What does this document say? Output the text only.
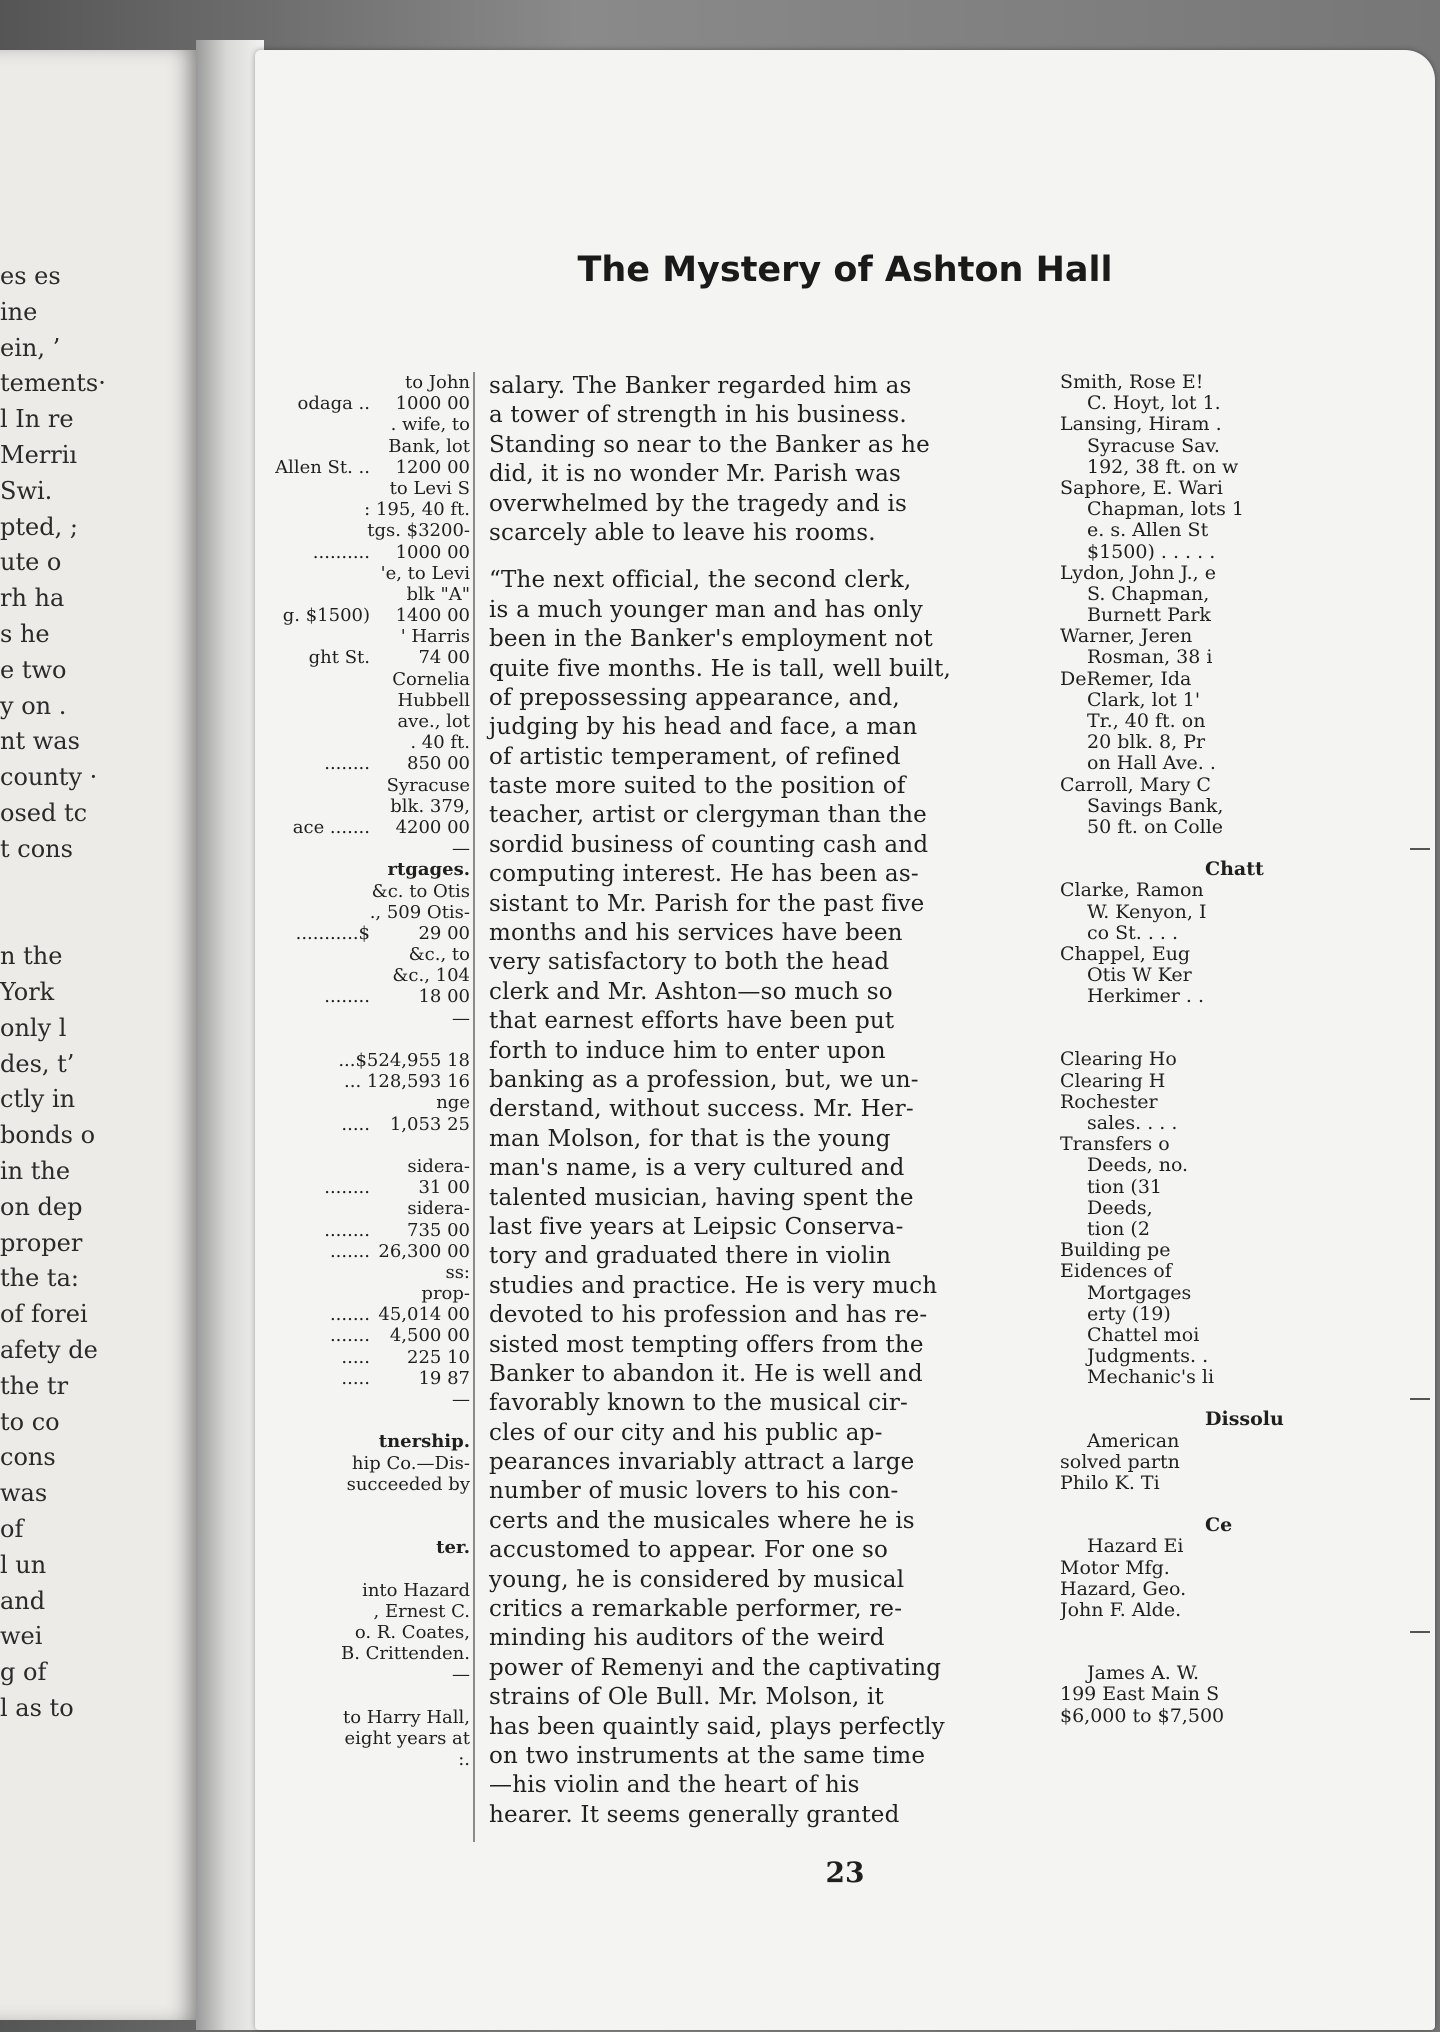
es es
ine
ein, ’
tements·
l In re
Merriı
Swi.
pted, ;
ute o
rh ha
s he
e two
y on .
nt was
county ·
osed tc
t cons
n the
York
only l
des, t’
ctly in
bonds o
in the
on dep
proper
the ta:
of forei
afety de
the tr
to co
cons
was
of
l un
and
wei
g of
l as to
The Mystery of Ashton Hall
to John
odaga .. 1000 00
. wife, to
Bank, lot
Allen St. .. 1200 00
to Levi S
: 195, 40 ft.
tgs. $3200-
.......... 1000 00
'e, to Levi
blk "A"
g. $1500) 1400 00
' Harris
ght St.	74 00
Cornelia
Hubbell
ave., lot
. 40 ft.
........ 850 00
Syracuse
blk. 379,
ace ....... 4200 00
—
rtgages.
&c. to Otis
., 509 Otis-
...........$	29 00
&c., to
&c., 104
........	18 00
—
...$524,955 18
... 128,593 16
nge
..... 1,053 25
sidera-
........	31 00
sidera-
........ 735 00
....... 26,300 00
ss:
prop-
....... 45,014 00
....... 4,500 00
..... 225 10
.....	19 87
—
tnership.
hip Co.—Dis-
succeeded by
ter.
into Hazard
, Ernest C.
o. R. Coates,
B. Crittenden.
—
to Harry Hall,
eight years at
:.
salary. The Banker regarded him as
a tower of strength in his business.
Standing so near to the Banker as he
did, it is no wonder Mr. Parish was
overwhelmed by the tragedy and is
scarcely able to leave his rooms.
“The next official, the second clerk,
is a much younger man and has only
been in the Banker's employment not
quite five months. He is tall, well built,
of prepossessing appearance, and,
judging by his head and face, a man
of artistic temperament, of refined
taste more suited to the position of
teacher, artist or clergyman than the
sordid business of counting cash and
computing interest. He has been as-
sistant to Mr. Parish for the past five
months and his services have been
very satisfactory to both the head
clerk and Mr. Ashton—so much so
that earnest efforts have been put
forth to induce him to enter upon
banking as a profession, but, we un-
derstand, without success. Mr. Her-
man Molson, for that is the young
man's name, is a very cultured and
talented musician, having spent the
last five years at Leipsic Conserva-
tory and graduated there in violin
studies and practice. He is very much
devoted to his profession and has re-
sisted most tempting offers from the
Banker to abandon it. He is well and
favorably known to the musical cir-
cles of our city and his public ap-
pearances invariably attract a large
number of music lovers to his con-
certs and the musicales where he is
accustomed to appear. For one so
young, he is considered by musical
critics a remarkable performer, re-
minding his auditors of the weird
power of Remenyi and the captivating
strains of Ole Bull. Mr. Molson, it
has been quaintly said, plays perfectly
on two instruments at the same time
—his violin and the heart of his
hearer. It seems generally granted
Smith, Rose E!
C. Hoyt, lot 1.
Lansing, Hiram .
Syracuse Sav.
192, 38 ft. on w
Saphore, E. Wari
Chapman, lots 1
e. s. Allen St
$1500) . . . . .
Lydon, John J., e
S. Chapman,
Burnett Park
Warner, Jeren
Rosman, 38 i
DeRemer, Ida
Clark, lot 1'
Tr., 40 ft. on
20 blk. 8, Pr
on Hall Ave. .
Carroll, Mary C
Savings Bank,
50 ft. on Colle
Chatt
Clarke, Ramon
W. Kenyon, I
co St. . . .
Chappel, Eug
Otis W Ker
Herkimer . .
Clearing Ho
Clearing H
Rochester
sales. . . .
Transfers o
Deeds, no.
tion (31
Deeds,
tion (2
Building pe
Eidences of
Mortgages
erty (19)
Chattel moi
Judgments. .
Mechanic's li
Dissolu
American
solved partn
Philo K. Ti
Ce
Hazard Ei
Motor Mfg.
Hazard, Geo.
John F. Alde.
James A. W.
199 East Main S
$6,000 to $7,500
23
